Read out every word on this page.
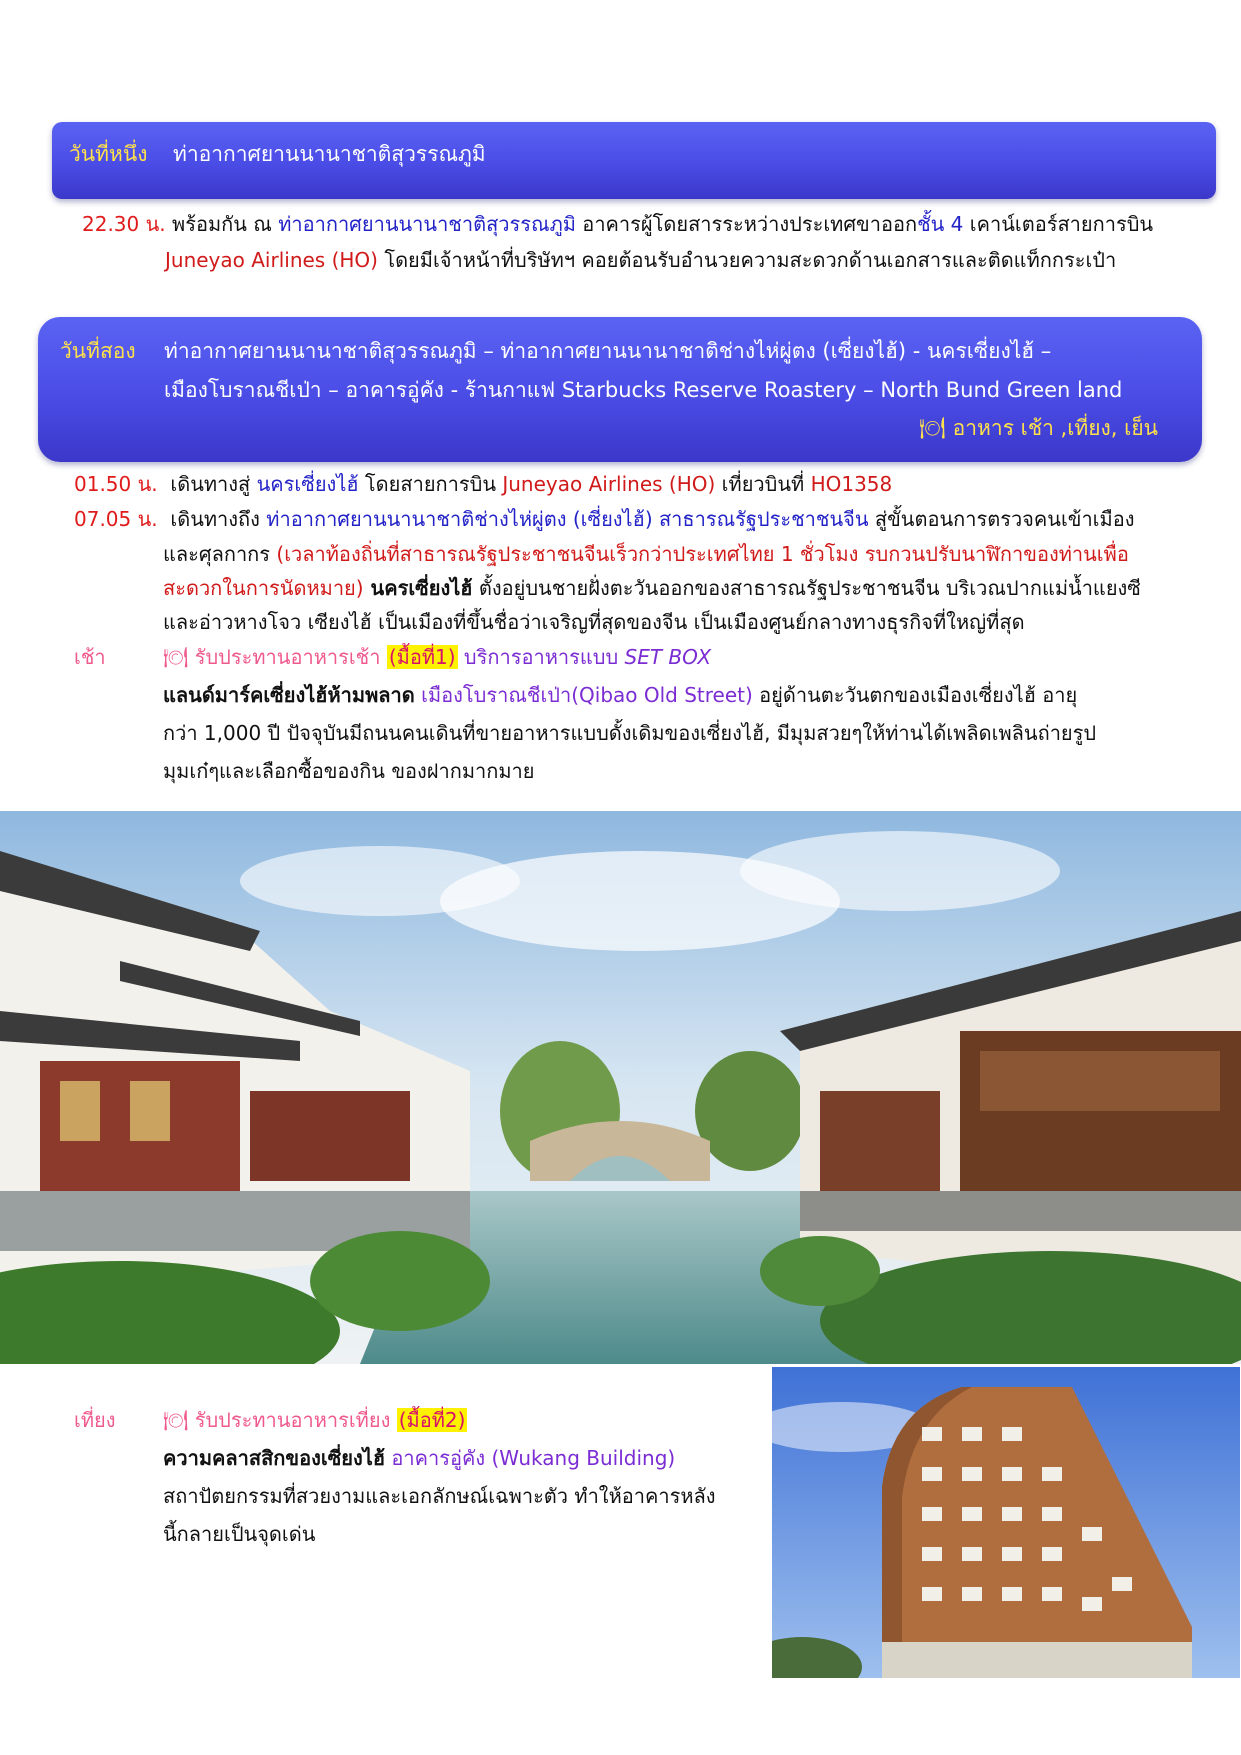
วันที่หนึ่ง ท่าอากาศยานนานาชาติสุวรรณภูมิ
22.30 น. พร้อมกัน ณ ท่าอากาศยานนานาชาติสุวรรณภูมิ อาคารผู้โดยสารระหว่างประเทศขาออกชั้น 4 เคาน์เตอร์สายการบิน
Juneyao Airlines (HO) โดยมีเจ้าหน้าที่บริษัทฯ คอยต้อนรับอำนวยความสะดวกด้านเอกสารและติดแท็กกระเป๋า
วันที่สอง ท่าอากาศยานนานาชาติสุวรรณภูมิ – ท่าอากาศยานนานาชาติช่างไห่ผู่ตง (เซี่ยงไฮ้) - นครเซี่ยงไฮ้ –
เมืองโบราณชีเป่า – อาคารอู่คัง - ร้านกาแฟ Starbucks Reserve Roastery – North Bund Green land
🍽 อาหาร เช้า ,เที่ยง, เย็น
01.50 น. เดินทางสู่ นครเซี่ยงไฮ้ โดยสายการบิน Juneyao Airlines (HO) เที่ยวบินที่ HO1358
07.05 น. เดินทางถึง ท่าอากาศยานนานาชาติช่างไห่ผู่ตง (เซี่ยงไฮ้) สาธารณรัฐประชาชนจีน สู่ขั้นตอนการตรวจคนเข้าเมือง
และศุลกากร (เวลาท้องถิ่นที่สาธารณรัฐประชาชนจีนเร็วกว่าประเทศไทย 1 ชั่วโมง รบกวนปรับนาฬิกาของท่านเพื่อ
สะดวกในการนัดหมาย) นครเซี่ยงไฮ้ ตั้งอยู่บนชายฝั่งตะวันออกของสาธารณรัฐประชาชนจีน บริเวณปากแม่น้ำแยงซี
และอ่าวหางโจว เซียงไฮ้ เป็นเมืองที่ขึ้นชื่อว่าเจริญที่สุดของจีน เป็นเมืองศูนย์กลางทางธุรกิจที่ใหญ่ที่สุด
เช้า	🍽 รับประทานอาหารเช้า (มื้อที่1) บริการอาหารแบบ SET BOX
แลนด์มาร์คเซี่ยงไฮ้ห้ามพลาด เมืองโบราณชีเป่า(Qibao Old Street) อยู่ด้านตะวันตกของเมืองเซี่ยงไฮ้ อายุ
กว่า 1,000 ปี ปัจจุบันมีถนนคนเดินที่ขายอาหารแบบดั้งเดิมของเซี่ยงไฮ้, มีมุมสวยๆให้ท่านได้เพลิดเพลินถ่ายรูป
มุมเก๋ๆและเลือกซื้อของกิน ของฝากมากมาย
เที่ยง 🍽 รับประทานอาหารเที่ยง (มื้อที่2)
ความคลาสสิกของเซี่ยงไฮ้ อาคารอู่คัง (Wukang Building)
สถาปัตยกรรมที่สวยงามและเอกลักษณ์เฉพาะตัว ทำให้อาคารหลัง
นี้กลายเป็นจุดเด่น
